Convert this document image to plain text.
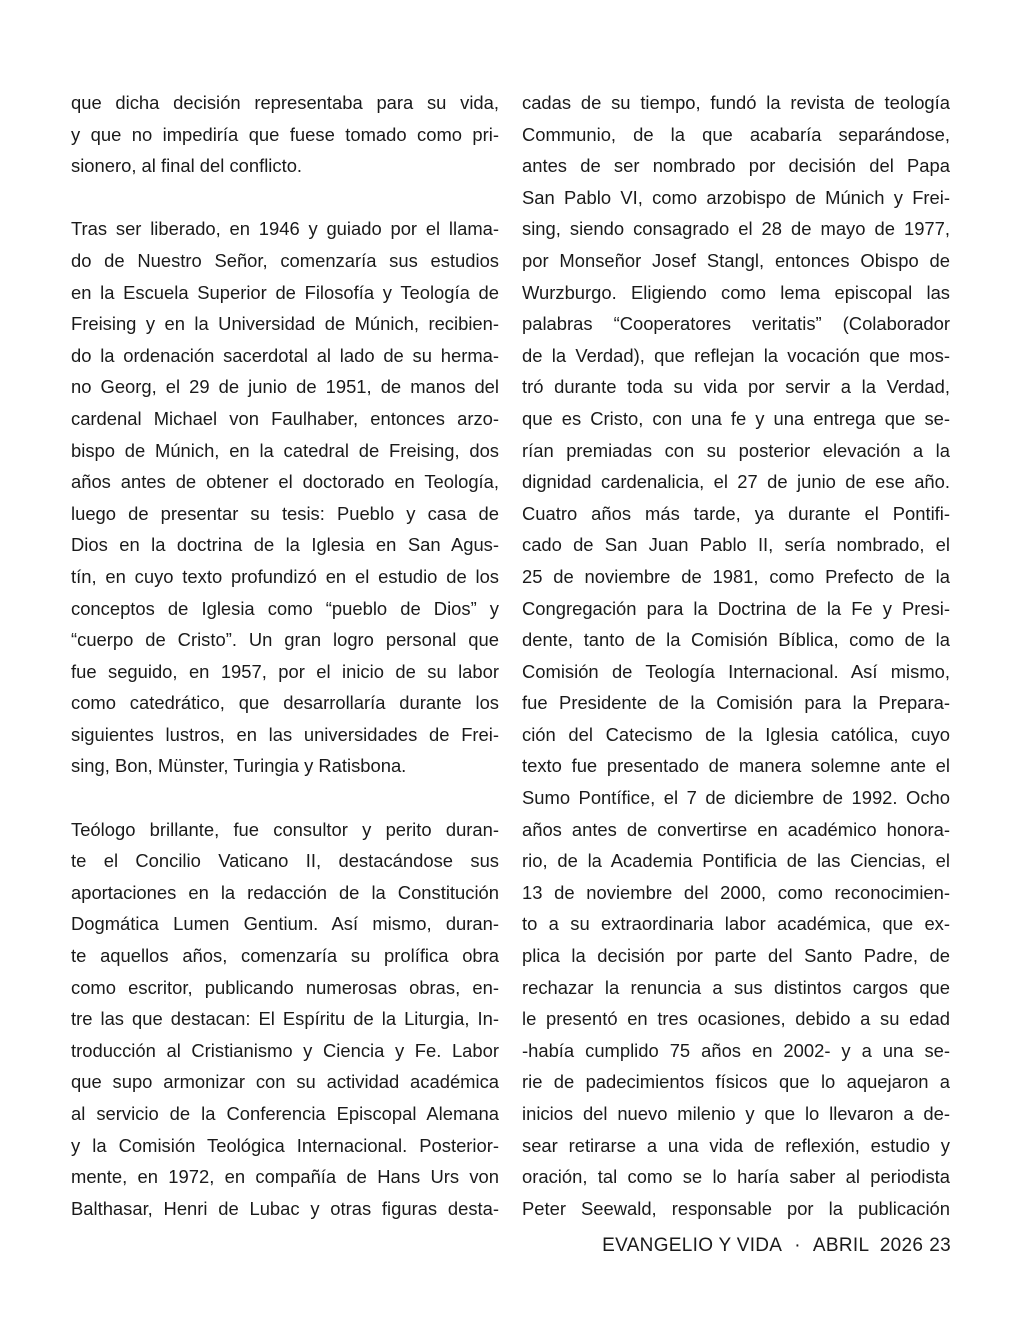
que dicha decisión representaba para su vida,
y que no impediría que fuese tomado como pri-
sionero, al final del conflicto.
Tras ser liberado, en 1946 y guiado por el llama-
do de Nuestro Señor, comenzaría sus estudios
en la Escuela Superior de Filosofía y Teología de
Freising y en la Universidad de Múnich, recibien-
do la ordenación sacerdotal al lado de su herma-
no Georg, el 29 de junio de 1951, de manos del
cardenal Michael von Faulhaber, entonces arzo-
bispo de Múnich, en la catedral de Freising, dos
años antes de obtener el doctorado en Teología,
luego de presentar su tesis: Pueblo y casa de
Dios en la doctrina de la Iglesia en San Agus-
tín, en cuyo texto profundizó en el estudio de los
conceptos de Iglesia como “pueblo de Dios” y
“cuerpo de Cristo”. Un gran logro personal que
fue seguido, en 1957, por el inicio de su labor
como catedrático, que desarrollaría durante los
siguientes lustros, en las universidades de Frei-
sing, Bon, Münster, Turingia y Ratisbona.
Teólogo brillante, fue consultor y perito duran-
te el Concilio Vaticano II, destacándose sus
aportaciones en la redacción de la Constitución
Dogmática Lumen Gentium. Así mismo, duran-
te aquellos años, comenzaría su prolífica obra
como escritor, publicando numerosas obras, en-
tre las que destacan: El Espíritu de la Liturgia, In-
troducción al Cristianismo y Ciencia y Fe. Labor
que supo armonizar con su actividad académica
al servicio de la Conferencia Episcopal Alemana
y la Comisión Teológica Internacional. Posterior-
mente, en 1972, en compañía de Hans Urs von
Balthasar, Henri de Lubac y otras figuras desta-
cadas de su tiempo, fundó la revista de teología
Communio, de la que acabaría separándose,
antes de ser nombrado por decisión del Papa
San Pablo VI, como arzobispo de Múnich y Frei-
sing, siendo consagrado el 28 de mayo de 1977,
por Monseñor Josef Stangl, entonces Obispo de
Wurzburgo. Eligiendo como lema episcopal las
palabras “Cooperatores veritatis” (Colaborador
de la Verdad), que reflejan la vocación que mos-
tró durante toda su vida por servir a la Verdad,
que es Cristo, con una fe y una entrega que se-
rían premiadas con su posterior elevación a la
dignidad cardenalicia, el 27 de junio de ese año.
Cuatro años más tarde, ya durante el Pontifi-
cado de San Juan Pablo II, sería nombrado, el
25 de noviembre de 1981, como Prefecto de la
Congregación para la Doctrina de la Fe y Presi-
dente, tanto de la Comisión Bíblica, como de la
Comisión de Teología Internacional. Así mismo,
fue Presidente de la Comisión para la Prepara-
ción del Catecismo de la Iglesia católica, cuyo
texto fue presentado de manera solemne ante el
Sumo Pontífice, el 7 de diciembre de 1992. Ocho
años antes de convertirse en académico honora-
rio, de la Academia Pontificia de las Ciencias, el
13 de noviembre del 2000, como reconocimien-
to a su extraordinaria labor académica, que ex-
plica la decisión por parte del Santo Padre, de
rechazar la renuncia a sus distintos cargos que
le presentó en tres ocasiones, debido a su edad
-había cumplido 75 años en 2002- y a una se-
rie de padecimientos físicos que lo aquejaron a
inicios del nuevo milenio y que lo llevaron a de-
sear retirarse a una vida de reflexión, estudio y
oración, tal como se lo haría saber al periodista
Peter Seewald, responsable por la publicación
EVANGELIO Y VIDA · ABRIL  2026 23
